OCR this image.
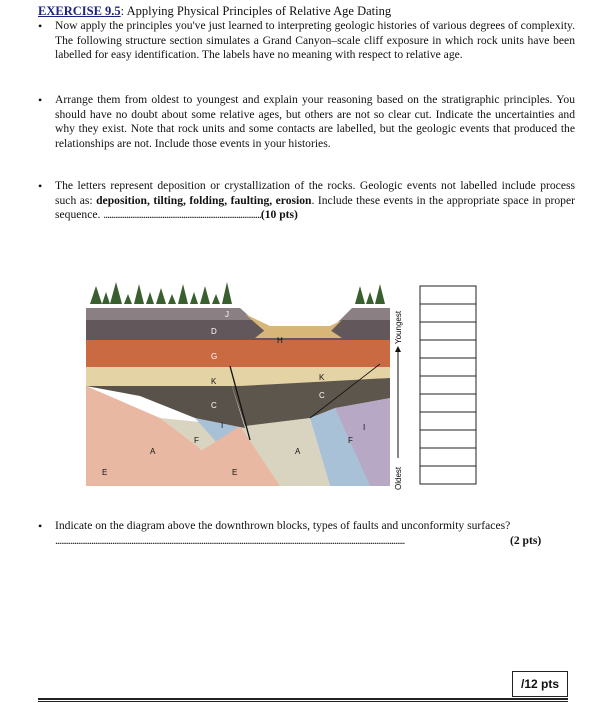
EXERCISE 9.5: Applying Physical Principles of Relative Age Dating
• Now apply the principles you've just learned to interpreting geologic histories of various degrees of complexity. The following structure section simulates a Grand Canyon–scale cliff exposure in which rock units have been labelled for easy identification. The labels have no meaning with respect to relative age.
• Arrange them from oldest to youngest and explain your reasoning based on the stratigraphic principles. You should have no doubt about some relative ages, but others are not so clear cut. Indicate the uncertainties and why they exist. Note that rock units and some contacts are labelled, but the geologic events that produced the relationships are not. Include those events in your histories.
• The letters represent deposition or crystallization of the rocks. Geologic events not labelled include process such as: deposition, tilting, folding, faulting, erosion. Include these events in the appropriate space in proper sequence. ...................................................................................(10 pts)
J
D
G
H
K	K
C
C
I	I
A	A
F	F
E	E
Youngest
Oldest
• Indicate on the diagram above the downthrown blocks, types of faults and unconformity surfaces?
........................................................................................................................................................................................	(2 pts)
/12 pts
